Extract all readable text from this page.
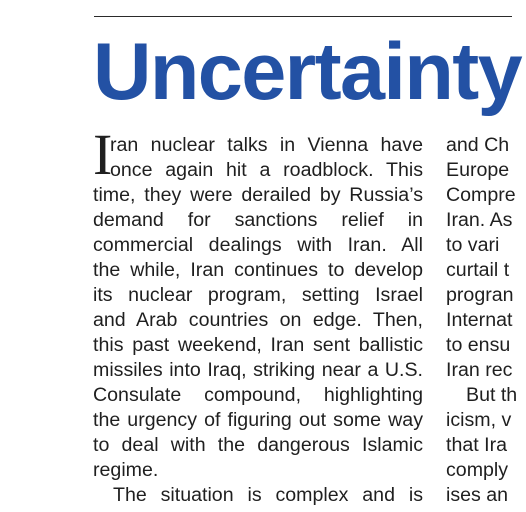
Uncertainty
I
ran nuclear talks in Vienna have
once again hit a roadblock. This
time, they were derailed by Russia’s
demand for sanctions relief in
commercial dealings with Iran. All
the while, Iran continues to develop
its nuclear program, setting Israel
and Arab countries on edge. Then,
this past weekend, Iran sent ballistic
missiles into Iraq, striking near a U.S.
Consulate compound, highlighting
the urgency of figuring out some way
to deal with the dangerous Islamic
regime.
The situation is complex and is
and Ch
Europe
Compre
Iran. As
to vari
curtail t
progran
Internat
to ensu
Iran rec
But th
icism, v
that Ira
comply
ises an
